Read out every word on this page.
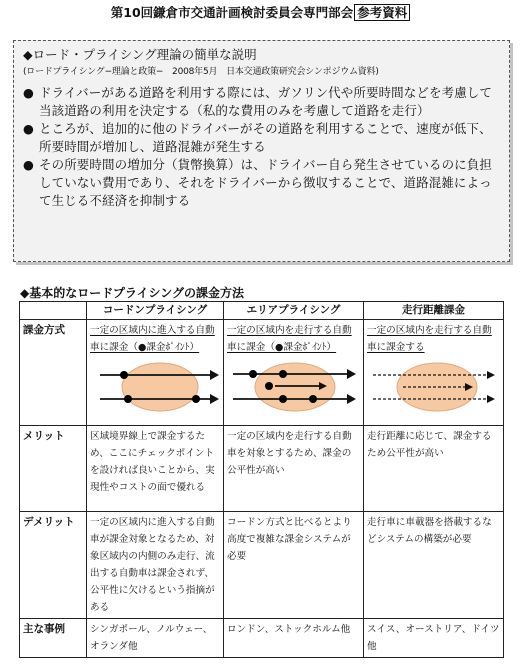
第10回鎌倉市交通計画検討委員会専門部会 参考資料
◆ロード・プライシング理論の簡単な説明
(ロードプライシング−理論と政策−　2008年5月　日本交通政策研究会シンポジウム資料)
● ドライバーがある道路を利用する際には、ガソリン代や所要時間などを考慮して当該道路の利用を決定する（私的な費用のみを考慮して道路を走行）
● ところが、追加的に他のドライバーがその道路を利用することで、速度が低下、所要時間が増加し、道路混雑が発生する
● その所要時間の増加分（貨幣換算）は、ドライバー自ら発生させているのに負担していない費用であり、それをドライバーから徴収することで、道路混雑によって生じる不経済を抑制する
◆基本的なロードプライシングの課金方法
	コードンプライシング	エリアプライシング	走行距離課金
課金方式	一定の区域内に進入する自動車に課金（●課金ﾎﾟｲﾝﾄ）	一定の区域内を走行する自動車に課金（●課金ﾎﾟｲﾝﾄ）	一定の区域内を走行する自動車に課金する

メリット	区域境界線上で課金するため、ここにチェックポイントを設ければ良いことから、実現性やコストの面で優れる	一定の区域内を走行する自動車を対象とするため、課金の公平性が高い	走行距離に応じて、課金するため公平性が高い
デメリット	一定の区域内に進入する自動車が課金対象となるため、対象区域内の内側のみ走行、流出する自動車は課金されず、公平性に欠けるという指摘がある	コードン方式と比べるとより高度で複雑な課金システムが必要	走行車に車載器を搭載するなどシステムの構築が必要
主な事例	シンガポール、ノルウェー、オランダ他	ロンドン、ストックホルム他	スイス、オーストリア、ドイツ他
